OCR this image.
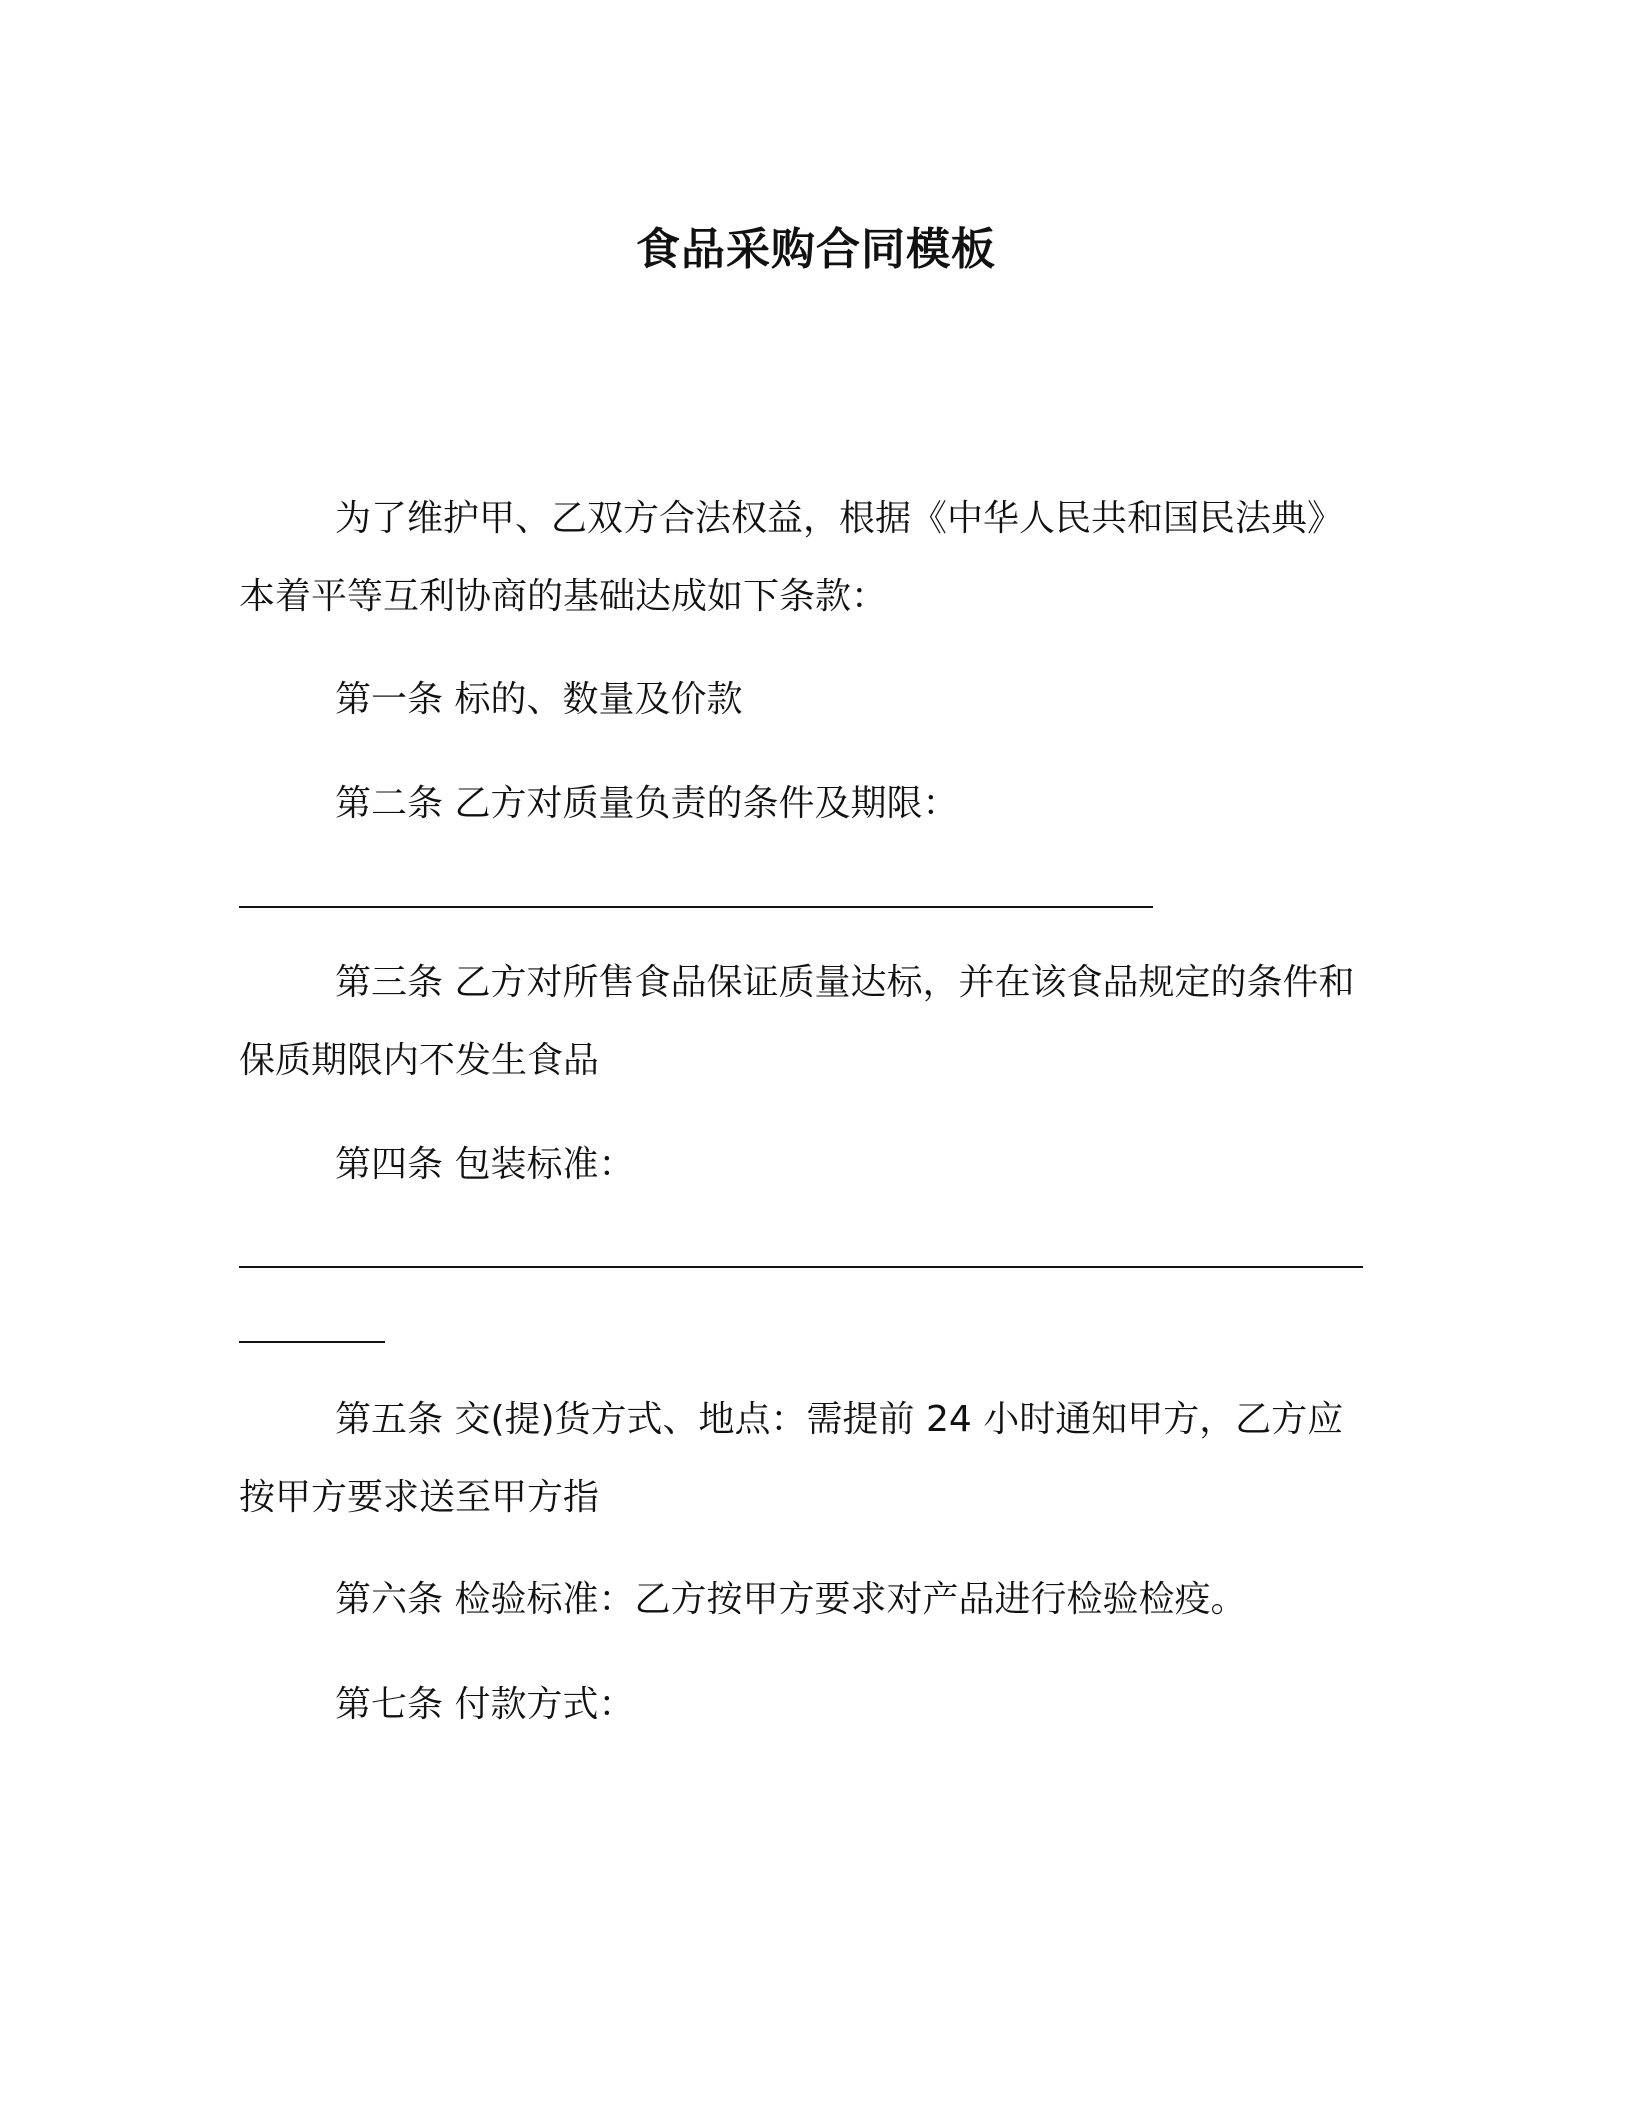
食品采购合同模板
为了维护甲、乙双方合法权益，根据《中华人民共和国民法典》
本着平等互利协商的基础达成如下条款：
第一条 标的、数量及价款
第二条 乙方对质量负责的条件及期限：
第三条 乙方对所售食品保证质量达标，并在该食品规定的条件和
保质期限内不发生食品
第四条 包装标准：
第五条 交(提)货方式、地点：需提前 24 小时通知甲方，乙方应
按甲方要求送至甲方指
第六条 检验标准：乙方按甲方要求对产品进行检验检疫。
第七条 付款方式：
